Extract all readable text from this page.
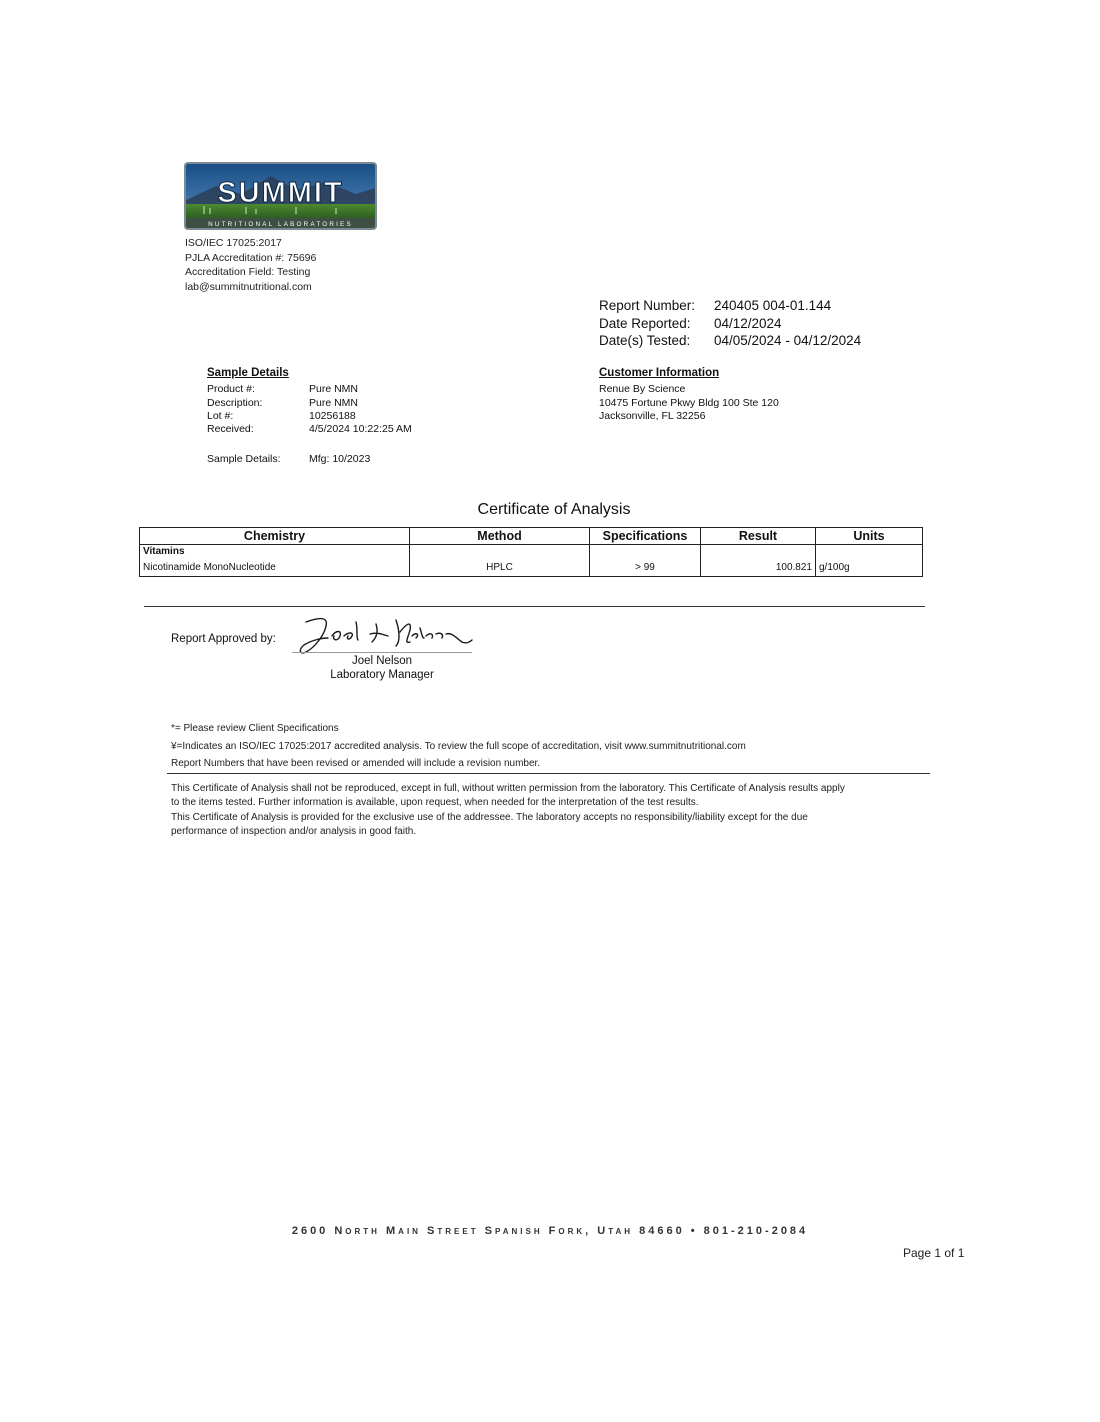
SUMMIT
NUTRITIONAL LABORATORIES
ISO/IEC 17025:2017
PJLA Accreditation #: 75696
Accreditation Field: Testing
lab@summitnutritional.com
Report Number:	240405 004-01.144
Date Reported:	04/12/2024
Date(s) Tested:	04/05/2024 - 04/12/2024
Sample Details
Product #:	Pure NMN
Description:	Pure NMN
Lot #:	10256188
Received:	4/5/2024 10:22:25 AM
Sample Details:	Mfg: 10/2023
Customer Information
Renue By Science
10475 Fortune Pkwy Bldg 100 Ste 120
Jacksonville, FL 32256
Certificate of Analysis
Chemistry	Method	Specifications	Result	Units
Vitamins				
Nicotinamide MonoNucleotide	HPLC	> 99	100.821	g/100g
Report Approved by:
Joel Nelson
Laboratory Manager
*= Please review Client Specifications
¥=Indicates an ISO/IEC 17025:2017 accredited analysis. To review the full scope of accreditation, visit www.summitnutritional.com
Report Numbers that have been revised or amended will include a revision number.
This Certificate of Analysis shall not be reproduced, except in full, without written permission from the laboratory. This Certificate of Analysis results apply
to the items tested. Further information is available, upon request, when needed for the interpretation of the test results.
This Certificate of Analysis is provided for the exclusive use of the addressee. The laboratory accepts no responsibility/liability except for the due
performance of inspection and/or analysis in good faith.
2600 North Main Street Spanish Fork, Utah 84660 • 801-210-2084
Page 1 of 1
